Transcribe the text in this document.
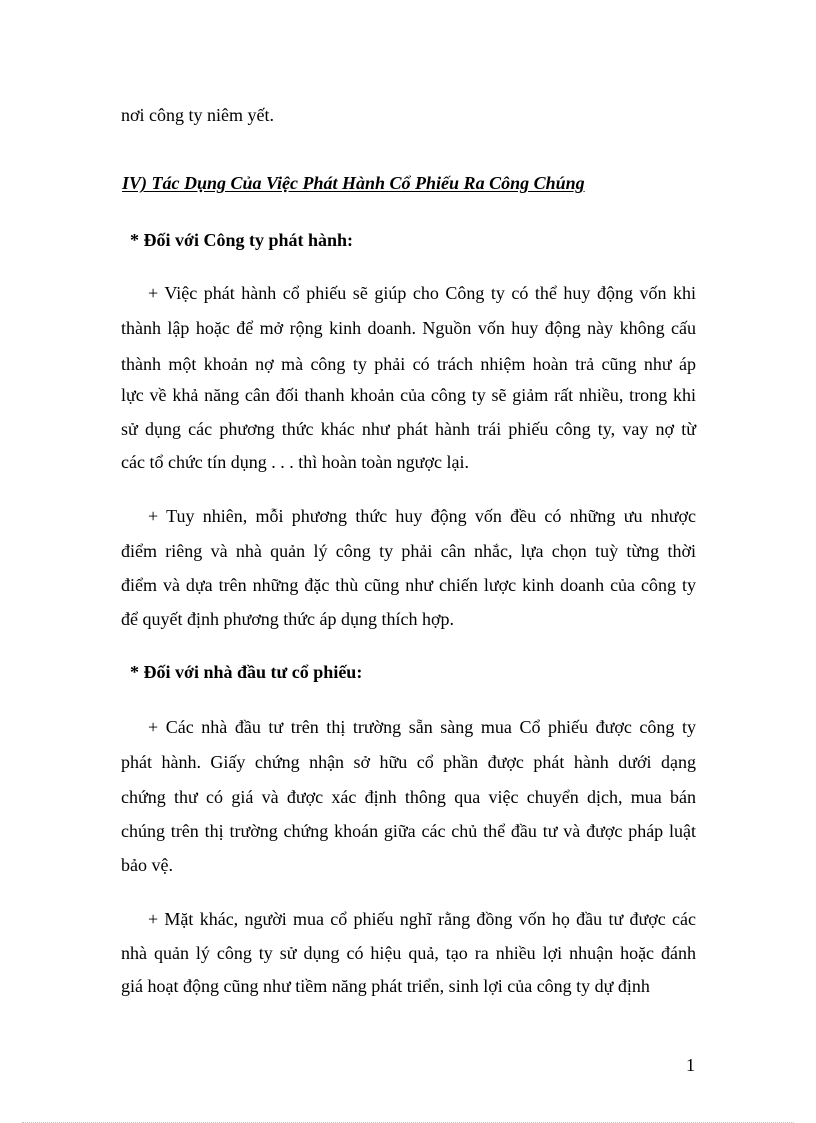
nơi công ty niêm yết.
IV) Tác Dụng Của Việc Phát Hành Cổ Phiếu Ra Công Chúng
* Đối với Công ty phát hành:
+ Việc phát hành cổ phiếu sẽ giúp cho Công ty có thể huy động vốn khi
thành lập hoặc để mở rộng kinh doanh. Nguồn vốn huy động này không cấu
thành một khoản nợ mà công ty phải có trách nhiệm hoàn trả cũng như áp
lực về khả năng cân đối thanh khoản của công ty sẽ giảm rất nhiều, trong khi
sử dụng các phương thức khác như phát hành trái phiếu công ty, vay nợ từ
các tổ chức tín dụng . . . thì hoàn toàn ngược lại.
+ Tuy nhiên, mỗi phương thức huy động vốn đều có những ưu nhược
điểm riêng và nhà quản lý công ty phải cân nhắc, lựa chọn tuỳ từng thời
điểm và dựa trên những đặc thù cũng như chiến lược kinh doanh của công ty
để quyết định phương thức áp dụng thích hợp.
* Đối với nhà đầu tư cổ phiếu:
+ Các nhà đầu tư trên thị trường sẵn sàng mua Cổ phiếu được công ty
phát hành. Giấy chứng nhận sở hữu cổ phần được phát hành dưới dạng
chứng thư có giá và được xác định thông qua việc chuyển dịch, mua bán
chúng trên thị trường chứng khoán giữa các chủ thể đầu tư và được pháp luật
bảo vệ.
+ Mặt khác, người mua cổ phiếu nghĩ rằng đồng vốn họ đầu tư được các
nhà quản lý công ty sử dụng có hiệu quả, tạo ra nhiều lợi nhuận hoặc đánh
giá hoạt động cũng như tiềm năng phát triển, sinh lợi của công ty dự định
1
